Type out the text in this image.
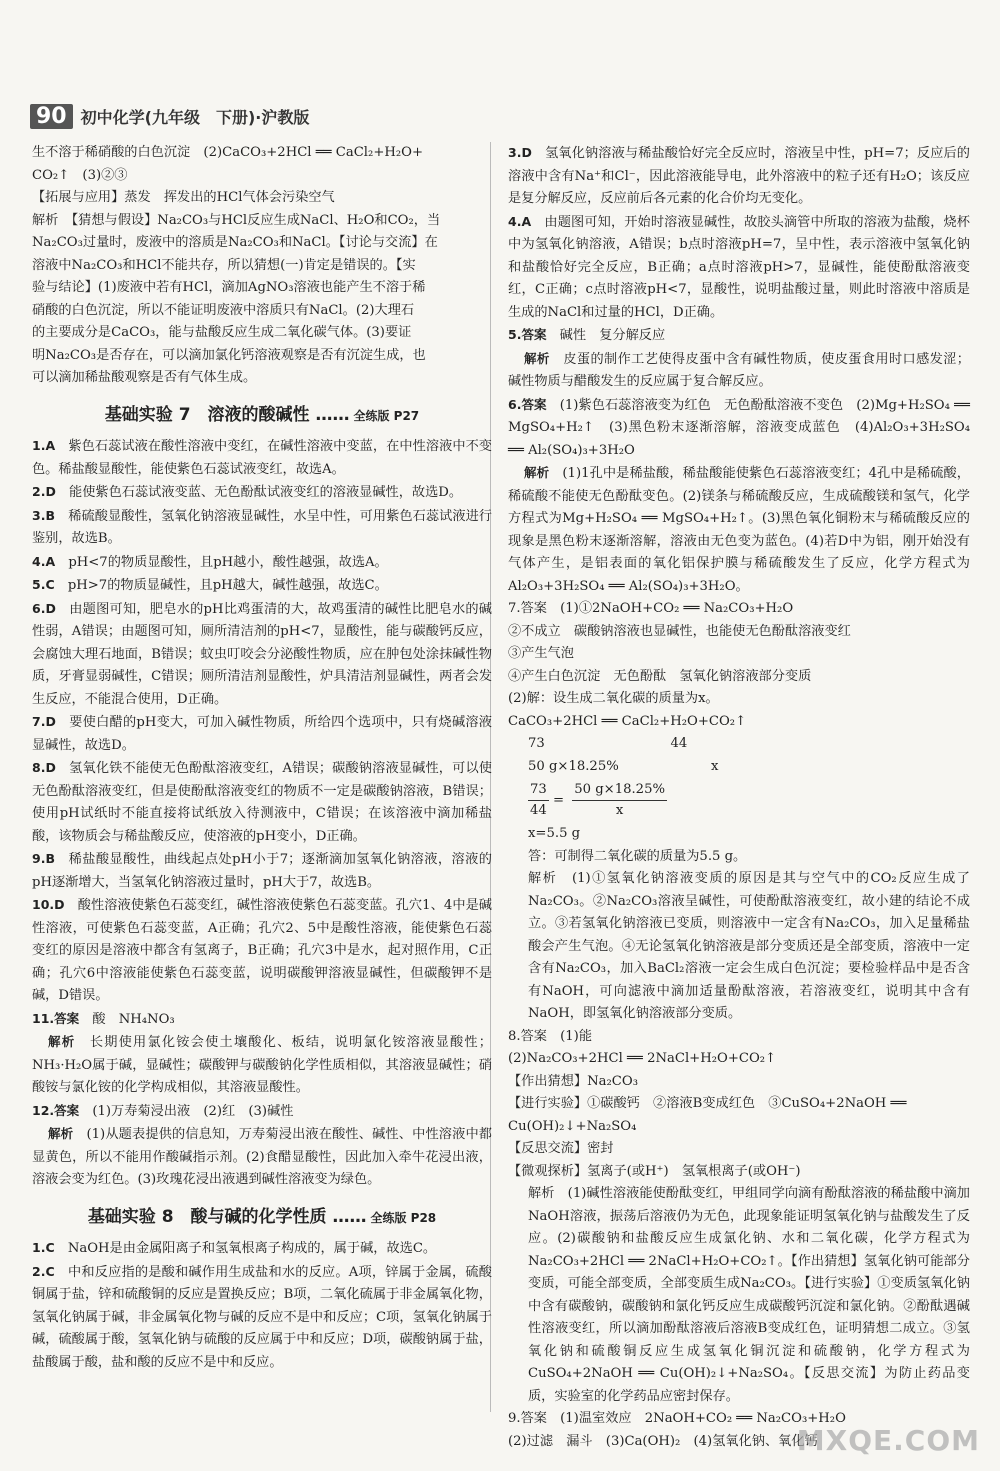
90 初中化学(九年级　下册)·沪教版
生不溶于稀硝酸的白色沉淀　(2)CaCO₃+2HCl ══ CaCl₂+H₂O+
CO₂↑　(3)②③
【拓展与应用】蒸发　挥发出的HCl气体会污染空气
解析　【猜想与假设】Na₂CO₃与HCl反应生成NaCl、H₂O和CO₂，当
Na₂CO₃过量时，废液中的溶质是Na₂CO₃和NaCl。【讨论与交流】在
溶液中Na₂CO₃和HCl不能共存，所以猜想(一)肯定是错误的。【实
验与结论】(1)废液中若有HCl，滴加AgNO₃溶液也能产生不溶于稀
硝酸的白色沉淀，所以不能证明废液中溶质只有NaCl。(2)大理石
的主要成分是CaCO₃，能与盐酸反应生成二氧化碳气体。(3)要证
明Na₂CO₃是否存在，可以滴加氯化钙溶液观察是否有沉淀生成，也
可以滴加稀盐酸观察是否有气体生成。
基础实验 7　溶液的酸碱性 …… 全练版 P27
1.A  紫色石蕊试液在酸性溶液中变红，在碱性溶液中变蓝，在中性溶液中不变色。稀盐酸显酸性，能使紫色石蕊试液变红，故选A。
2.D  能使紫色石蕊试液变蓝、无色酚酞试液变红的溶液显碱性，故选D。
3.B  稀硫酸显酸性，氢氧化钠溶液显碱性，水呈中性，可用紫色石蕊试液进行鉴别，故选B。
4.A  pH<7的物质显酸性，且pH越小，酸性越强，故选A。
5.C  pH>7的物质显碱性，且pH越大，碱性越强，故选C。
6.D  由题图可知，肥皂水的pH比鸡蛋清的大，故鸡蛋清的碱性比肥皂水的碱性弱，A错误；由题图可知，厕所清洁剂的pH<7，显酸性，能与碳酸钙反应，会腐蚀大理石地面，B错误；蚊虫叮咬会分泌酸性物质，应在肿包处涂抹碱性物质，牙膏显弱碱性，C错误；厕所清洁剂显酸性，炉具清洁剂显碱性，两者会发生反应，不能混合使用，D正确。
7.D  要使白醋的pH变大，可加入碱性物质，所给四个选项中，只有烧碱溶液显碱性，故选D。
8.D  氢氧化铁不能使无色酚酞溶液变红，A错误；碳酸钠溶液显碱性，可以使无色酚酞溶液变红，但是使酚酞溶液变红的物质不一定是碳酸钠溶液，B错误；使用pH试纸时不能直接将试纸放入待测液中，C错误；在该溶液中滴加稀盐酸，该物质会与稀盐酸反应，使溶液的pH变小，D正确。
9.B  稀盐酸显酸性，曲线起点处pH小于7；逐渐滴加氢氧化钠溶液，溶液的pH逐渐增大，当氢氧化钠溶液过量时，pH大于7，故选B。
10.D  酸性溶液使紫色石蕊变红，碱性溶液使紫色石蕊变蓝。孔穴1、4中是碱性溶液，可使紫色石蕊变蓝，A正确；孔穴2、5中是酸性溶液，能使紫色石蕊变红的原因是溶液中都含有氢离子，B正确；孔穴3中是水，起对照作用，C正确；孔穴6中溶液能使紫色石蕊变蓝，说明碳酸钾溶液显碱性，但碳酸钾不是碱，D错误。
11.答案  酸　NH₄NO₃
解析  长期使用氯化铵会使土壤酸化、板结，说明氯化铵溶液显酸性；NH₃·H₂O属于碱，显碱性；碳酸钾与碳酸钠化学性质相似，其溶液显碱性；硝酸铵与氯化铵的化学构成相似，其溶液显酸性。
12.答案  (1)万寿菊浸出液　(2)红　(3)碱性
解析  (1)从题表提供的信息知，万寿菊浸出液在酸性、碱性、中性溶液中都显黄色，所以不能用作酸碱指示剂。(2)食醋显酸性，因此加入牵牛花浸出液，溶液会变为红色。(3)玫瑰花浸出液遇到碱性溶液变为绿色。
基础实验 8　酸与碱的化学性质 …… 全练版 P28
1.C  NaOH是由金属阳离子和氢氧根离子构成的，属于碱，故选C。
2.C  中和反应指的是酸和碱作用生成盐和水的反应。A项，锌属于金属，硫酸铜属于盐，锌和硫酸铜的反应是置换反应；B项，二氧化硫属于非金属氧化物，氢氧化钠属于碱，非金属氧化物与碱的反应不是中和反应；C项，氢氧化钠属于碱，硫酸属于酸，氢氧化钠与硫酸的反应属于中和反应；D项，碳酸钠属于盐，盐酸属于酸，盐和酸的反应不是中和反应。
3.D  氢氧化钠溶液与稀盐酸恰好完全反应时，溶液呈中性，pH=7；反应后的溶液中含有Na⁺和Cl⁻，因此溶液能导电，此外溶液中的粒子还有H₂O；该反应是复分解反应，反应前后各元素的化合价均无变化。
4.A  由题图可知，开始时溶液显碱性，故胶头滴管中所取的溶液为盐酸，烧杯中为氢氧化钠溶液，A错误；b点时溶液pH=7，呈中性，表示溶液中氢氧化钠和盐酸恰好完全反应，B正确；a点时溶液pH>7，显碱性，能使酚酞溶液变红，C正确；c点时溶液pH<7，显酸性，说明盐酸过量，则此时溶液中溶质是生成的NaCl和过量的HCl，D正确。
5.答案  碱性　复分解反应
解析  皮蛋的制作工艺使得皮蛋中含有碱性物质，使皮蛋食用时口感发涩；碱性物质与醋酸发生的反应属于复合解反应。
6.答案  (1)紫色石蕊溶液变为红色　无色酚酞溶液不变色　(2)Mg+H₂SO₄ ══ MgSO₄+H₂↑　(3)黑色粉末逐渐溶解，溶液变成蓝色　(4)Al₂O₃+3H₂SO₄ ══ Al₂(SO₄)₃+3H₂O
解析  (1)1孔中是稀盐酸，稀盐酸能使紫色石蕊溶液变红；4孔中是稀硫酸，稀硫酸不能使无色酚酞变色。(2)镁条与稀硫酸反应，生成硫酸镁和氢气，化学方程式为Mg+H₂SO₄ ══ MgSO₄+H₂↑。(3)黑色氧化铜粉末与稀硫酸反应的现象是黑色粉末逐渐溶解，溶液由无色变为蓝色。(4)若D中为铝，刚开始没有气体产生，是铝表面的氧化铝保护膜与稀硫酸发生了反应，化学方程式为Al₂O₃+3H₂SO₄ ══ Al₂(SO₄)₃+3H₂O。
7.答案　(1)①2NaOH+CO₂ ══ Na₂CO₃+H₂O
②不成立　碳酸钠溶液也显碱性，也能使无色酚酞溶液变红
③产生气泡
④产生白色沉淀　无色酚酞　氢氧化钠溶液部分变质
(2)解：设生成二氧化碳的质量为x。
CaCO₃+2HCl ══ CaCl₂+H₂O+CO₂↑
73                              44
50 g×18.25%                      x
$\frac{73}{44} = \frac{50 g\times 18.25\%}{x}$
x=5.5 g
答：可制得二氧化碳的质量为5.5 g。
解析　(1)①氢氧化钠溶液变质的原因是其与空气中的CO₂反应生成了Na₂CO₃。②Na₂CO₃溶液呈碱性，可使酚酞溶液变红，故小建的结论不成立。③若氢氧化钠溶液已变质，则溶液中一定含有Na₂CO₃，加入足量稀盐酸会产生气泡。④无论氢氧化钠溶液是部分变质还是全部变质，溶液中一定含有Na₂CO₃，加入BaCl₂溶液一定会生成白色沉淀；要检验样品中是否含有NaOH，可向滤液中滴加适量酚酞溶液，若溶液变红，说明其中含有NaOH，即氢氧化钠溶液部分变质。
8.答案　(1)能
(2)Na₂CO₃+2HCl ══ 2NaCl+H₂O+CO₂↑
【作出猜想】Na₂CO₃
【进行实验】①碳酸钙　②溶液B变成红色　③CuSO₄+2NaOH ══
Cu(OH)₂↓+Na₂SO₄
【反思交流】密封
【微观探析】氢离子(或H⁺)　氢氧根离子(或OH⁻)
解析　(1)碱性溶液能使酚酞变红，甲组同学向滴有酚酞溶液的稀盐酸中滴加NaOH溶液，振荡后溶液仍为无色，此现象能证明氢氧化钠与盐酸发生了反应。(2)碳酸钠和盐酸反应生成氯化钠、水和二氧化碳，化学方程式为Na₂CO₃+2HCl ══ 2NaCl+H₂O+CO₂↑。【作出猜想】氢氧化钠可能部分变质，可能全部变质，全部变质生成Na₂CO₃。【进行实验】①变质氢氧化钠中含有碳酸钠，碳酸钠和氯化钙反应生成碳酸钙沉淀和氯化钠。②酚酞遇碱性溶液变红，所以滴加酚酞溶液后溶液B变成红色，证明猜想二成立。③氢氧化钠和硫酸铜反应生成氢氧化铜沉淀和硫酸钠，化学方程式为CuSO₄+2NaOH ══ Cu(OH)₂↓+Na₂SO₄。【反思交流】为防止药品变质，实验室的化学药品应密封保存。
9.答案　(1)温室效应　2NaOH+CO₂ ══ Na₂CO₃+H₂O
(2)过滤　漏斗　(3)Ca(OH)₂　(4)氢氧化钠、氧化钙
MXQE.COM
